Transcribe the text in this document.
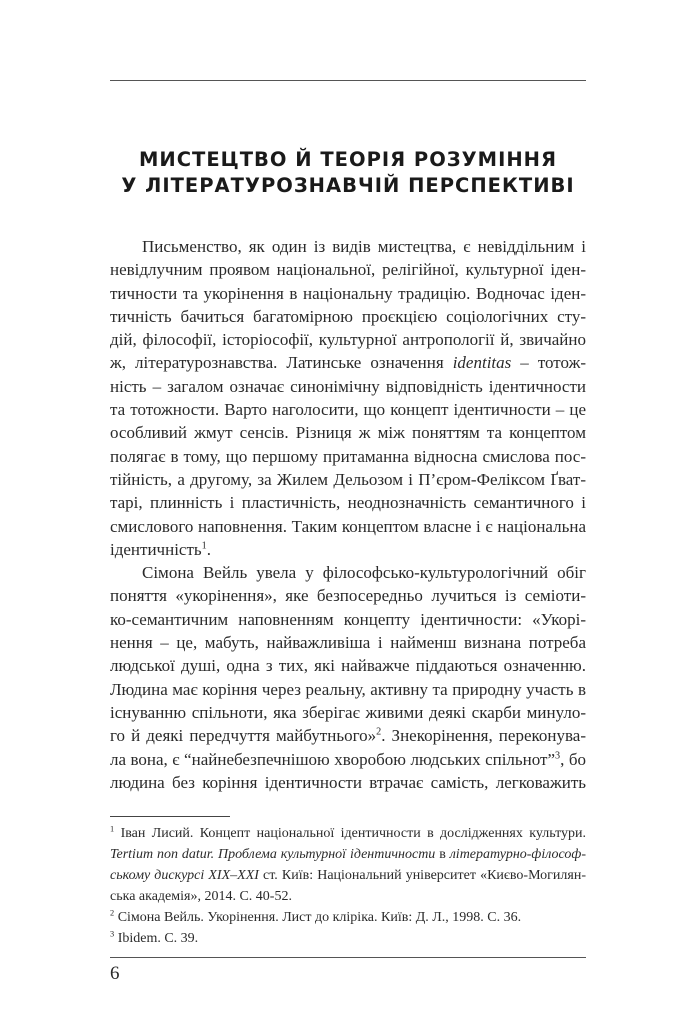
МИСТЕЦТВО Й ТЕОРІЯ РОЗУМІННЯ
У ЛІТЕРАТУРОЗНАВЧІЙ ПЕРСПЕКТИВІ
Письменство, як один із видів мистецтва, є невіддільним і
невідлучним проявом національної, релігійної, культурної іден-
тичности та укорінення в національну традицію. Водночас іден-
тичність бачиться багатомірною проєкцією соціологічних сту-
дій, філософії, історіософії, культурної антропології й, звичайно
ж, літературознавства. Латинське означення identitas – тотож-
ність – загалом означає синонімічну відповідність ідентичности
та тотожности. Варто наголосити, що концепт ідентичности – це
особливий жмут сенсів. Різниця ж між поняттям та концептом
полягає в тому, що першому притаманна відносна смислова пос-
тійність, а другому, за Жилем Дельозом і П’єром-Феліксом Ґват-
тарі, плинність і пластичність, неоднозначність семантичного і
смислового наповнення. Таким концептом власне і є національна
ідентичність$^1$.
Сімона Вейль увела у філософсько-культурологічний обіг
поняття «укорінення», яке безпосередньо лучиться із семіоти-
ко-семантичним наповненням концепту ідентичности: «Укорі-
нення – це, мабуть, найважливіша і найменш визнана потреба
людської душі, одна з тих, які найважче піддаються означенню.
Людина має коріння через реальну, активну та природну участь в
існуванню спільноти, яка зберігає живими деякі скарби минуло-
го й деякі передчуття майбутнього»$^2$. Знекорінення, переконува-
ла вона, є “найнебезпечнішою хворобою людських спільнот”$^3$, бо
людина без коріння ідентичности втрачає самість, легковажить
$^1$ Іван Лисий. Концепт національної ідентичности в дослідженнях культури.
Tertium non datur. Проблема культурної ідентичности в літературно-філософ-
ському дискурсі XIX–XXI ст. Київ: Національний університет «Києво-Могилян-
ська академія», 2014. С. 40-52.
$^2$ Сімона Вейль. Укорінення. Лист до кліріка. Київ: Д. Л., 1998. С. 36.
$^3$ Ibidem. С. 39.
6
